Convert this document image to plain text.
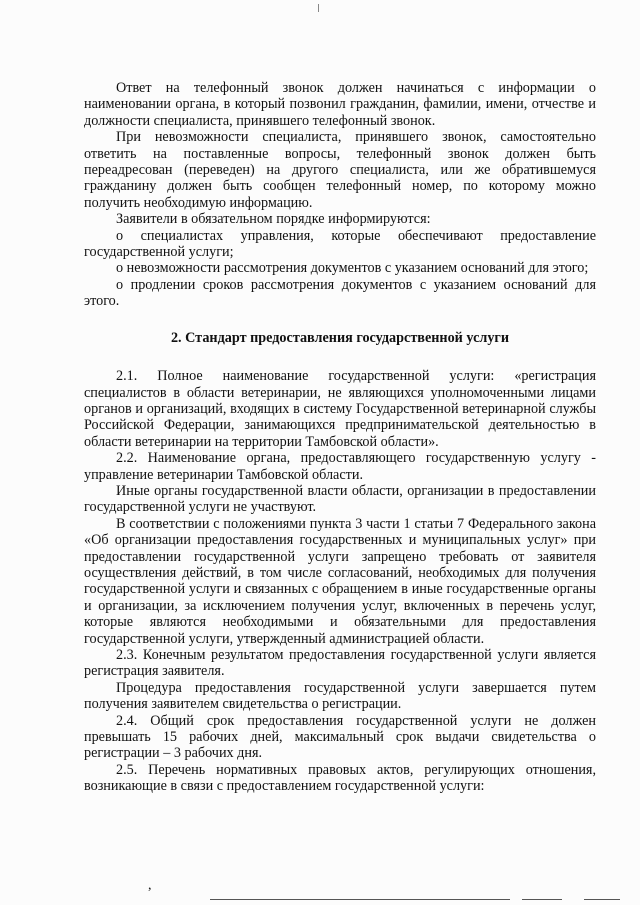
Ответ на телефонный звонок должен начинаться с информации о наименовании органа, в который позвонил гражданин, фамилии, имени, отчестве и должности специалиста, принявшего телефонный звонок.

При невозможности специалиста, принявшего звонок, самостоятельно ответить на поставленные вопросы, телефонный звонок должен быть переадресован (переведен) на другого специалиста, или же обратившемуся гражданину должен быть сообщен телефонный номер, по которому можно получить необходимую информацию.

Заявители в обязательном порядке информируются:

о специалистах управления, которые обеспечивают предоставление государственной услуги;

о невозможности рассмотрения документов с указанием оснований для этого;

о продлении сроков рассмотрения документов с указанием оснований для этого.

2. Стандарт предоставления государственной услуги

2.1. Полное наименование государственной услуги: «регистрация специалистов в области ветеринарии, не являющихся уполномоченными лицами органов и организаций, входящих в систему Государственной ветеринарной службы Российской Федерации, занимающихся предпринимательской деятельностью в области ветеринарии на территории Тамбовской области».

2.2. Наименование органа, предоставляющего государственную услугу - управление ветеринарии Тамбовской области.

Иные органы государственной власти области, организации в предоставлении государственной услуги не участвуют.

В соответствии с положениями пункта 3 части 1 статьи 7 Федерального закона «Об организации предоставления государственных и муниципальных услуг» при предоставлении государственной услуги запрещено требовать от заявителя осуществления действий, в том числе согласований, необходимых для получения государственной услуги и связанных с обращением в иные государственные органы и организации, за исключением получения услуг, включенных в перечень услуг, которые являются необходимыми и обязательными для предоставления государственной услуги, утвержденный администрацией области.

2.3. Конечным результатом предоставления государственной услуги является регистрация заявителя.

Процедура предоставления государственной услуги завершается путем получения заявителем свидетельства о регистрации.

2.4. Общий срок предоставления государственной услуги не должен превышать 15 рабочих дней, максимальный срок выдачи свидетельства о регистрации – 3 рабочих дня.

2.5. Перечень нормативных правовых актов, регулирующих отношения, возникающие в связи с предоставлением государственной услуги:

,
